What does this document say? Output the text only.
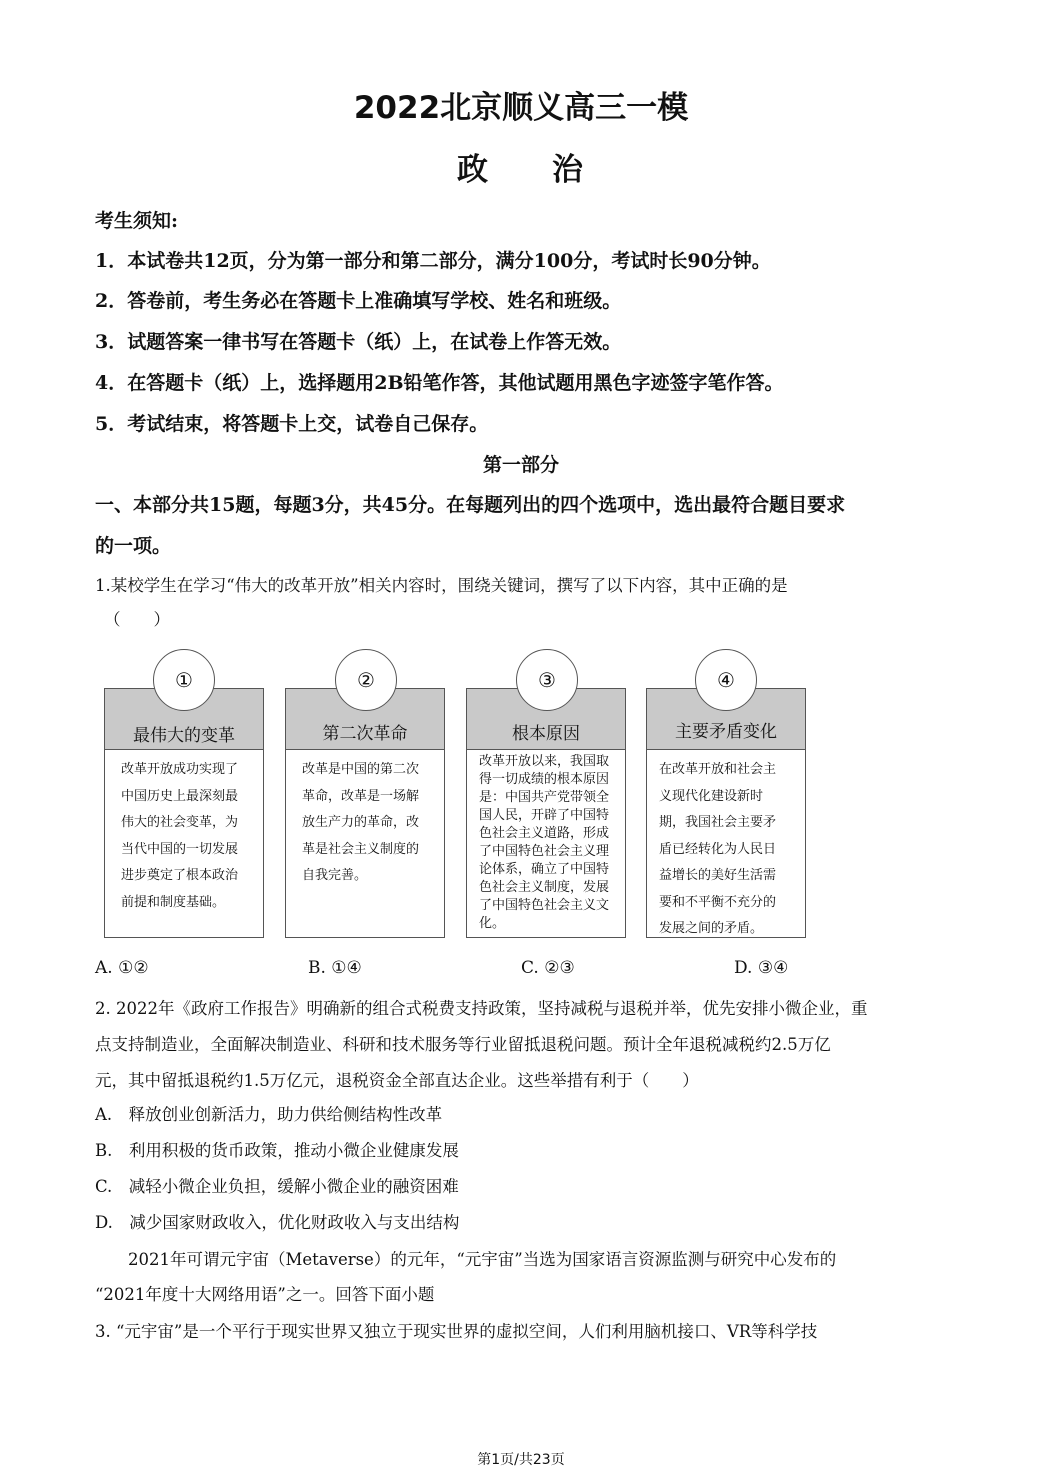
2022北京顺义高三一模
政 治
考生须知:
1．本试卷共12页，分为第一部分和第二部分，满分100分，考试时长90分钟。
2．答卷前，考生务必在答题卡上准确填写学校、姓名和班级。
3．试题答案一律书写在答题卡（纸）上，在试卷上作答无效。
4．在答题卡（纸）上，选择题用2B铅笔作答，其他试题用黑色字迹签字笔作答。
5．考试结束，将答题卡上交，试卷自己保存。
第一部分
一、本部分共15题，每题3分，共45分。在每题列出的四个选项中，选出最符合题目要求
的一项。
1.某校学生在学习“伟大的改革开放”相关内容时，围绕关键词，撰写了以下内容，其中正确的是
（　　）
最伟大的变革
改革开放成功实现了
中国历史上最深刻最
伟大的社会变革，为
当代中国的一切发展
进步奠定了根本政治
前提和制度基础。
①
第二次革命
改革是中国的第二次
革命，改革是一场解
放生产力的革命，改
革是社会主义制度的
自我完善。
②
根本原因
改革开放以来，我国取
得一切成绩的根本原因
是：中国共产党带领全
国人民，开辟了中国特
色社会主义道路，形成
了中国特色社会主义理
论体系，确立了中国特
色社会主义制度，发展
了中国特色社会主义文
化。
③
主要矛盾变化
在改革开放和社会主
义现代化建设新时
期，我国社会主要矛
盾已经转化为人民日
益增长的美好生活需
要和不平衡不充分的
发展之间的矛盾。
④
A. ①②	B. ①④	C. ②③	D. ③④
2. 2022年《政府工作报告》明确新的组合式税费支持政策，坚持减税与退税并举，优先安排小微企业，重
点支持制造业，全面解决制造业、科研和技术服务等行业留抵退税问题。预计全年退税减税约2.5万亿
元，其中留抵退税约1.5万亿元，退税资金全部直达企业。这些举措有利于（　　）
A.　释放创业创新活力，助力供给侧结构性改革
B.　利用积极的货币政策，推动小微企业健康发展
C.　减轻小微企业负担，缓解小微企业的融资困难
D.　减少国家财政收入，优化财政收入与支出结构
2021年可谓元宇宙（Metaverse）的元年，“元宇宙”当选为国家语言资源监测与研究中心发布的
“2021年度十大网络用语”之一。回答下面小题
3. “元宇宙”是一个平行于现实世界又独立于现实世界的虚拟空间，人们利用脑机接口、VR等科学技
第1页/共23页
